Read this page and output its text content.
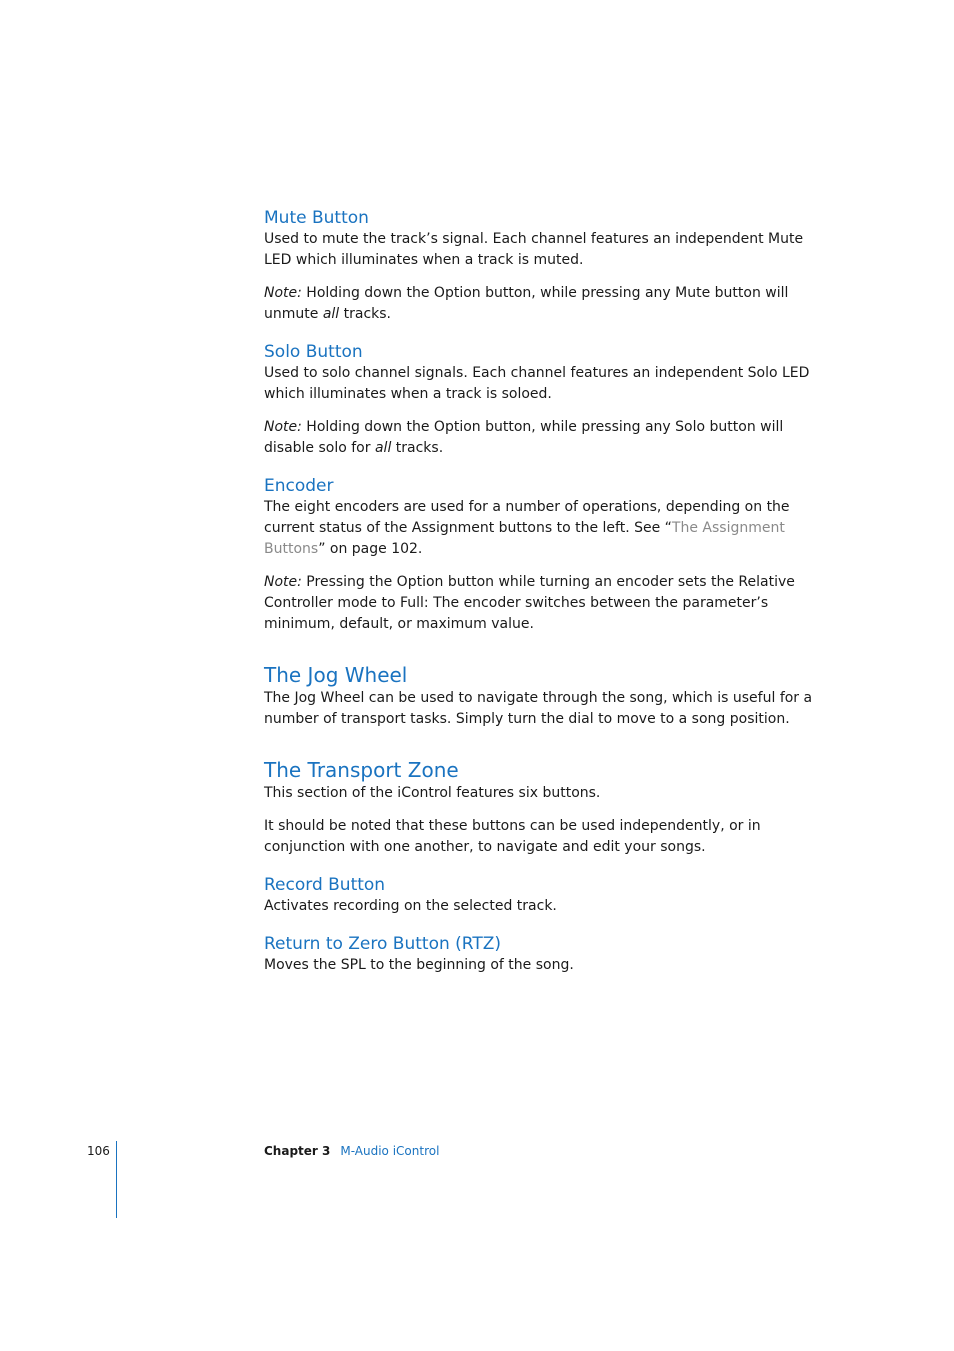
Mute Button

Used to mute the track’s signal. Each channel features an independent Mute LED which illuminates when a track is muted.

Note: Holding down the Option button, while pressing any Mute button will unmute all tracks.

Solo Button

Used to solo channel signals. Each channel features an independent Solo LED which illuminates when a track is soloed.

Note: Holding down the Option button, while pressing any Solo button will disable solo for all tracks.

Encoder

The eight encoders are used for a number of operations, depending on the current status of the Assignment buttons to the left. See “The Assignment Buttons” on page 102.

Note: Pressing the Option button while turning an encoder sets the Relative Controller mode to Full: The encoder switches between the parameter’s minimum, default, or maximum value.

The Jog Wheel

The Jog Wheel can be used to navigate through the song, which is useful for a number of transport tasks. Simply turn the dial to move to a song position.

The Transport Zone

This section of the iControl features six buttons.

It should be noted that these buttons can be used independently, or in conjunction with one another, to navigate and edit your songs.

Record Button

Activates recording on the selected track.

Return to Zero Button (RTZ)

Moves the SPL to the beginning of the song.

106	Chapter 3 M-Audio iControl
